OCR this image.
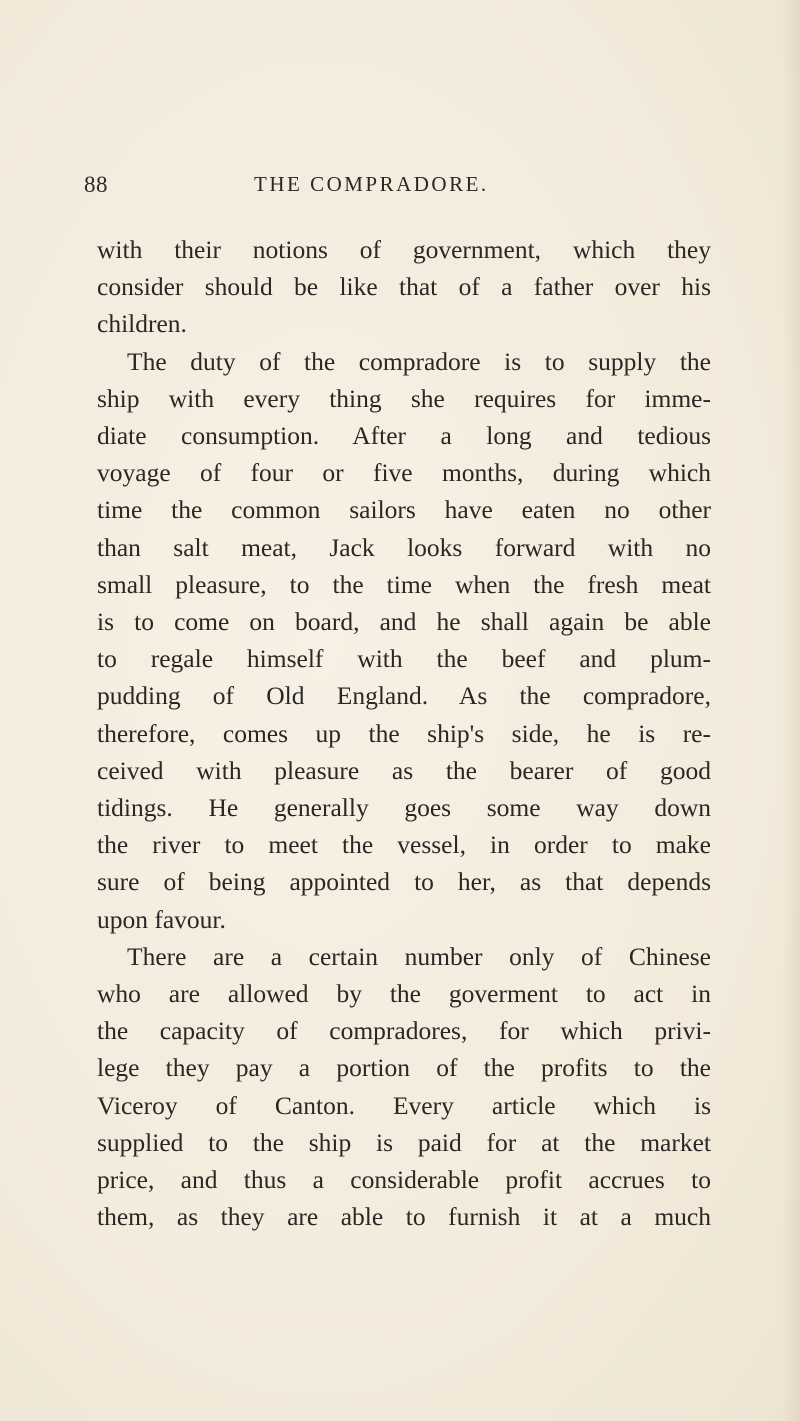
88	THE COMPRADORE.
with their notions of government, which they
consider should be like that of a father over his
children.
The duty of the compradore is to supply the
ship with every thing she requires for imme-
diate consumption. After a long and tedious
voyage of four or five months, during which
time the common sailors have eaten no other
than salt meat, Jack looks forward with no
small pleasure, to the time when the fresh meat
is to come on board, and he shall again be able
to regale himself with the beef and plum-
pudding of Old England. As the compradore,
therefore, comes up the ship's side, he is re-
ceived with pleasure as the bearer of good
tidings. He generally goes some way down
the river to meet the vessel, in order to make
sure of being appointed to her, as that depends
upon favour.
There are a certain number only of Chinese
who are allowed by the goverment to act in
the capacity of compradores, for which privi-
lege they pay a portion of the profits to the
Viceroy of Canton. Every article which is
supplied to the ship is paid for at the market
price, and thus a considerable profit accrues to
them, as they are able to furnish it at a much
